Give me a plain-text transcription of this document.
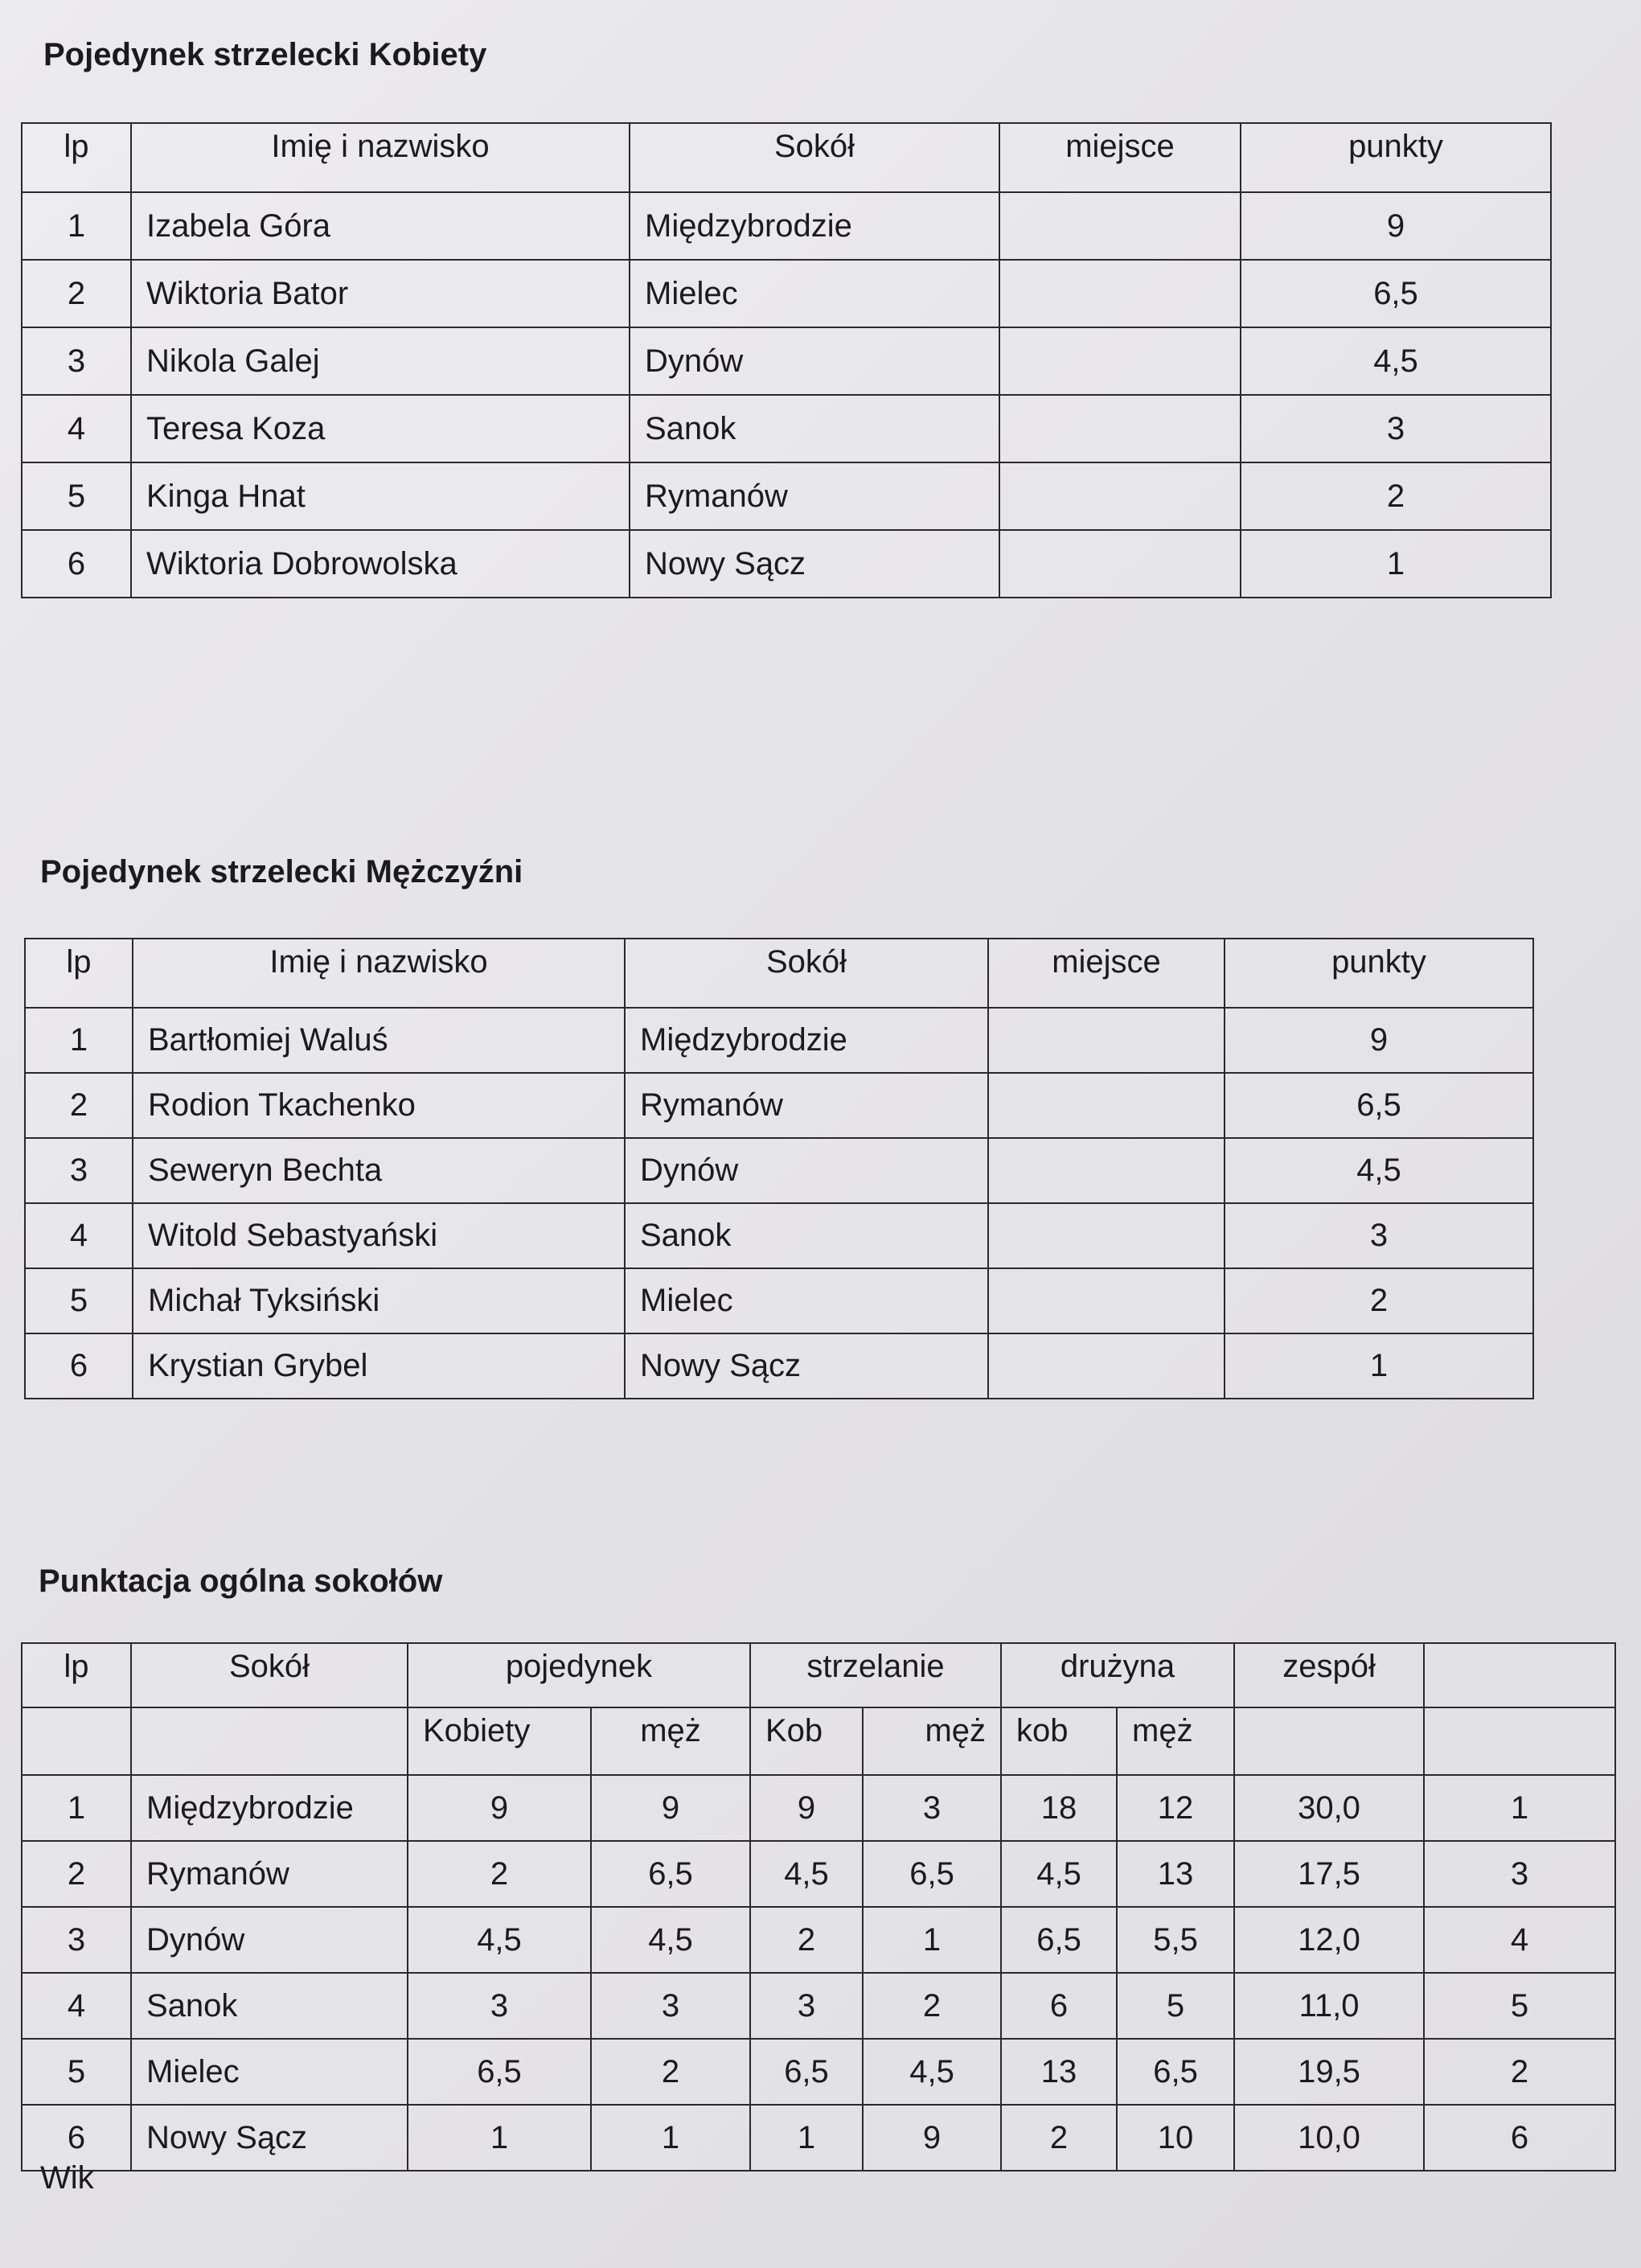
Pojedynek strzelecki Kobiety
lp	Imię i nazwisko	Sokół	miejsce	punkty
1	Izabela Góra	Międzybrodzie		9
2	Wiktoria Bator	Mielec		6,5
3	Nikola Galej	Dynów		4,5
4	Teresa Koza	Sanok		3
5	Kinga Hnat	Rymanów		2
6	Wiktoria Dobrowolska	Nowy Sącz		1
Pojedynek strzelecki Mężczyźni
lp	Imię i nazwisko	Sokół	miejsce	punkty
1	Bartłomiej Waluś	Międzybrodzie		9
2	Rodion Tkachenko	Rymanów		6,5
3	Seweryn Bechta	Dynów		4,5
4	Witold Sebastyański	Sanok		3
5	Michał Tyksiński	Mielec		2
6	Krystian Grybel	Nowy Sącz		1
Punktacja ogólna sokołów
lp	Sokół	pojedynek		strzelanie		drużyna		zespół	
		Kobiety	męż	Kob	męż	kob	męż		
1	Międzybrodzie	9	9	9	3	18	12	30,0	1
2	Rymanów	2	6,5	4,5	6,5	4,5	13	17,5	3
3	Dynów	4,5	4,5	2	1	6,5	5,5	12,0	4
4	Sanok	3	3	3	2	6	5	11,0	5
5	Mielec	6,5	2	6,5	4,5	13	6,5	19,5	2
6	Nowy Sącz	1	1	1	9	2	10	10,0	6
Wik
